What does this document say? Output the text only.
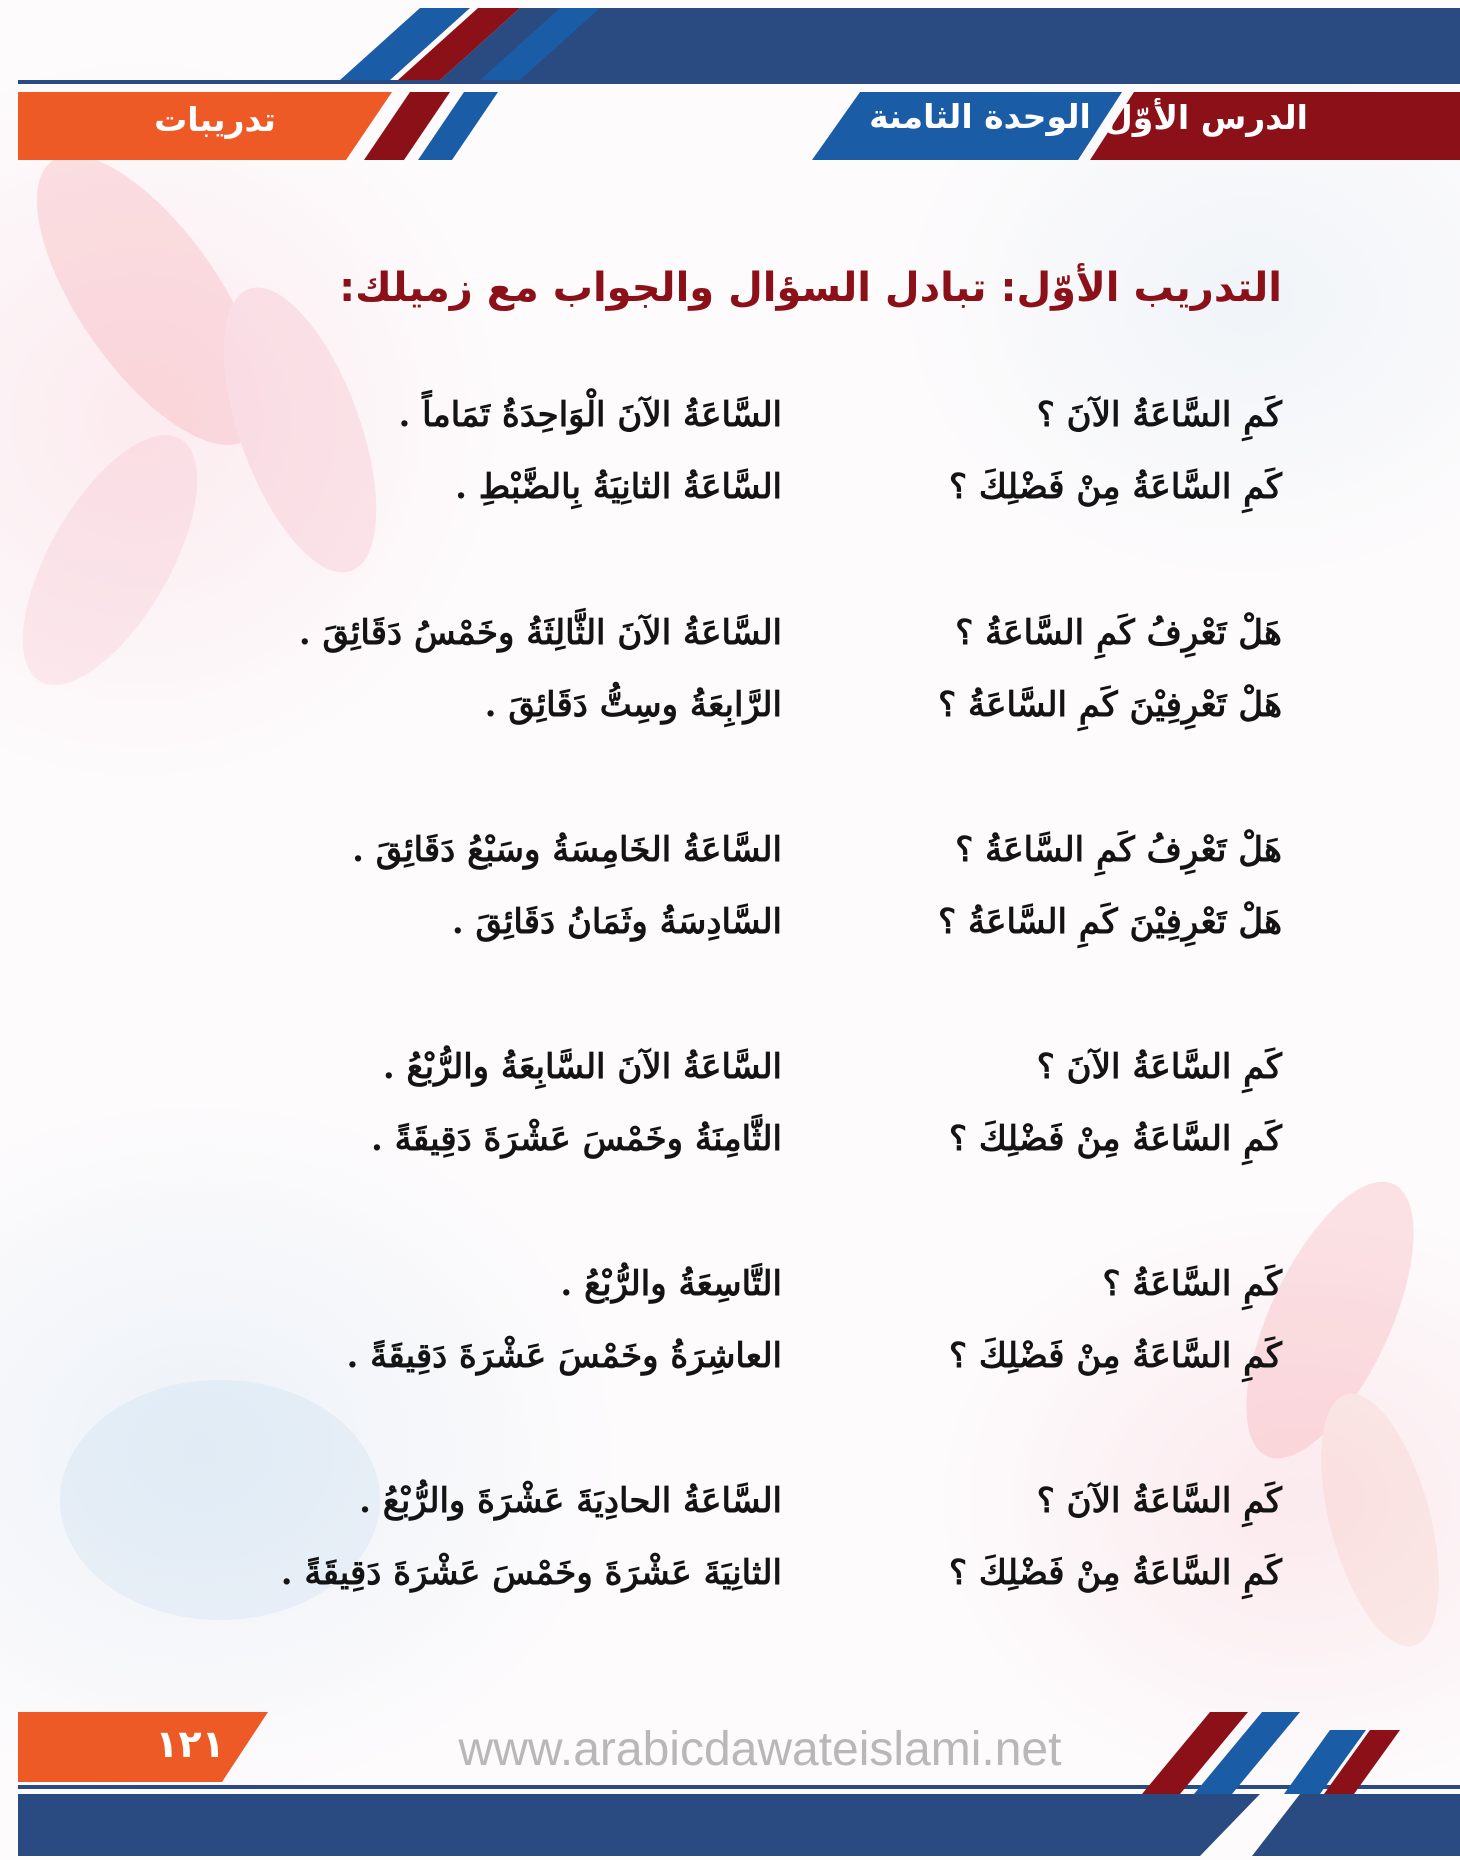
الدرس الأوّل
الوحدة الثامنة
تدريبات
التدريب الأوّل: تبادل السؤال والجواب مع زميلك:
كَمِ السَّاعَةُ الآنَ ؟
السَّاعَةُ الآنَ الْوَاحِدَةُ تَمَاماً .
كَمِ السَّاعَةُ مِنْ فَضْلِكَ ؟
السَّاعَةُ الثانِيَةُ بِالضَّبْطِ .
هَلْ تَعْرِفُ كَمِ السَّاعَةُ ؟
السَّاعَةُ الآنَ الثَّالِثَةُ وخَمْسُ دَقَائِقَ .
هَلْ تَعْرِفِيْنَ كَمِ السَّاعَةُ ؟
الرَّابِعَةُ وسِتُّ دَقَائِقَ .
هَلْ تَعْرِفُ كَمِ السَّاعَةُ ؟
السَّاعَةُ الخَامِسَةُ وسَبْعُ دَقَائِقَ .
هَلْ تَعْرِفِيْنَ كَمِ السَّاعَةُ ؟
السَّادِسَةُ وثَمَانُ دَقَائِقَ .
كَمِ السَّاعَةُ الآنَ ؟
السَّاعَةُ الآنَ السَّابِعَةُ والرُّبْعُ .
كَمِ السَّاعَةُ مِنْ فَضْلِكَ ؟
الثَّامِنَةُ وخَمْسَ عَشْرَةَ دَقِيقَةً .
كَمِ السَّاعَةُ ؟
التَّاسِعَةُ والرُّبْعُ .
كَمِ السَّاعَةُ مِنْ فَضْلِكَ ؟
العاشِرَةُ وخَمْسَ عَشْرَةَ دَقِيقَةً .
كَمِ السَّاعَةُ الآنَ ؟
السَّاعَةُ الحادِيَةَ عَشْرَةَ والرُّبْعُ .
كَمِ السَّاعَةُ مِنْ فَضْلِكَ ؟
الثانِيَةَ عَشْرَةَ وخَمْسَ عَشْرَةَ دَقِيقَةً .
١٢١	www.arabicdawateislami.net
